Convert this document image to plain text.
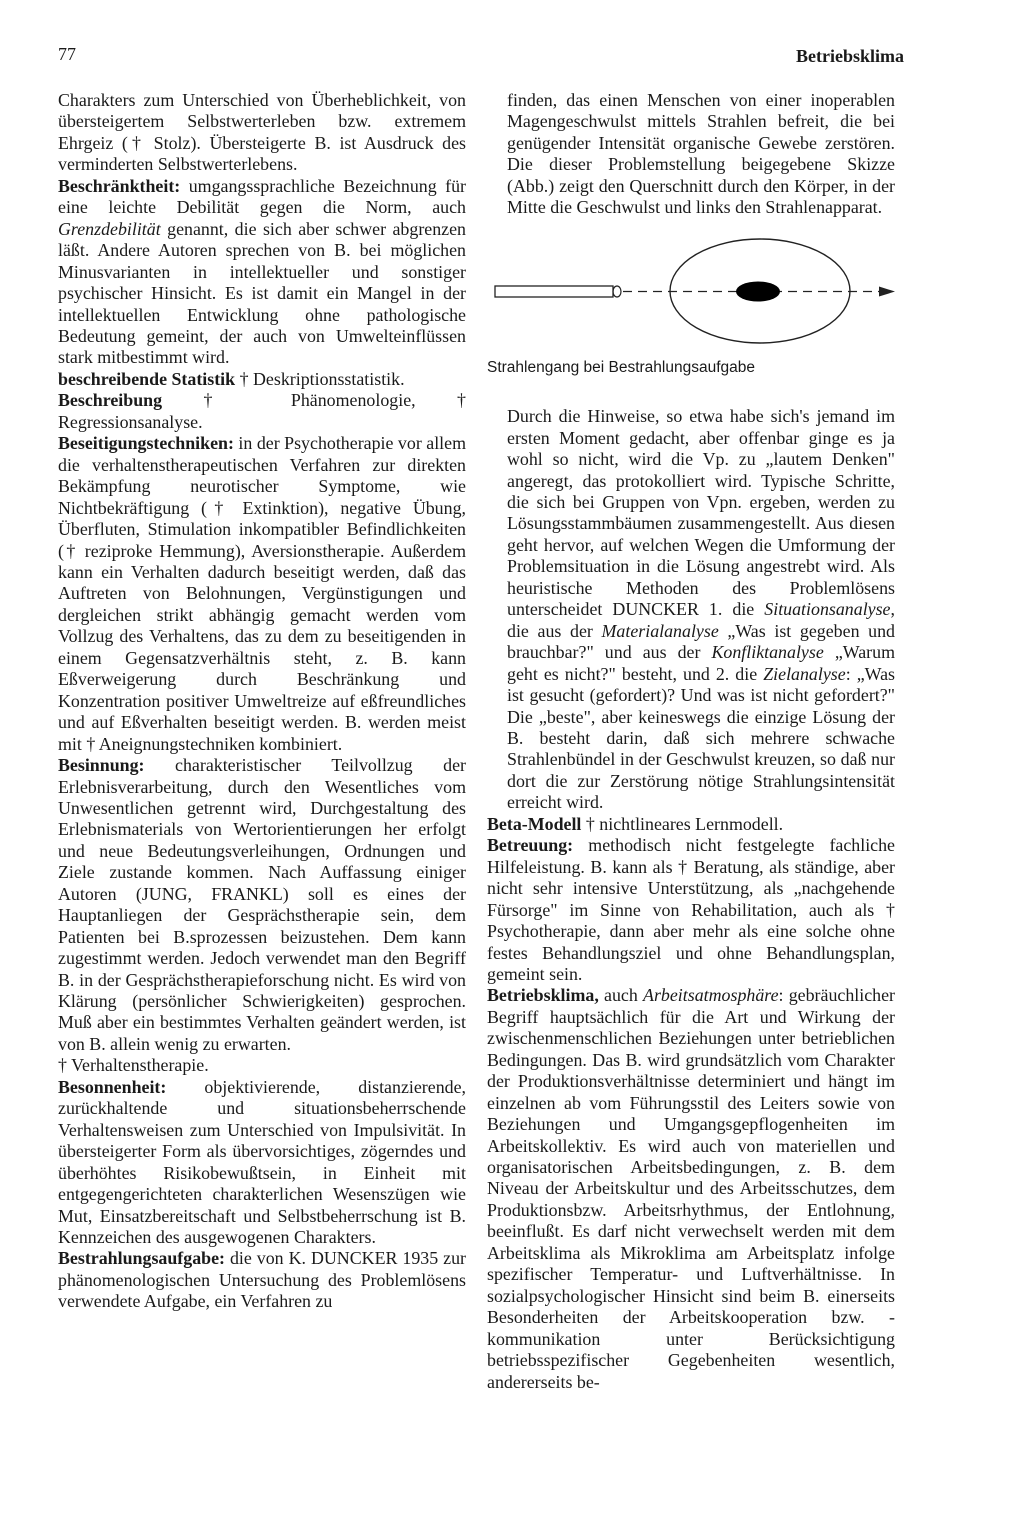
77	Betriebsklima

Charakters zum Unterschied von Überheblichkeit, von übersteigertem Selbstwerterleben bzw. extremem Ehrgeiz († Stolz). Übersteigerte B. ist Ausdruck des verminderten Selbstwerterlebens.

Beschränktheit: umgangssprachliche Bezeichnung für eine leichte Debilität gegen die Norm, auch Grenzdebilität genannt, die sich aber schwer abgrenzen läßt. Andere Autoren sprechen von B. bei möglichen Minusvarianten in intellektueller und sonstiger psychischer Hinsicht. Es ist damit ein Mangel in der intellektuellen Entwicklung ohne pathologische Bedeutung gemeint, der auch von Umwelteinflüssen stark mitbestimmt wird.

beschreibende Statistik † Deskriptionsstatistik.

Beschreibung † Phänomenologie, † Regressionsanalyse.

Beseitigungstechniken: in der Psychotherapie vor allem die verhaltenstherapeutischen Verfahren zur direkten Bekämpfung neurotischer Symptome, wie Nichtbekräftigung († Extinktion), negative Übung, Überfluten, Stimulation inkompatibler Befindlichkeiten († reziproke Hemmung), Aversionstherapie. Außerdem kann ein Verhalten dadurch beseitigt werden, daß das Auftreten von Belohnungen, Vergünstigungen und dergleichen strikt abhängig gemacht werden vom Vollzug des Verhaltens, das zu dem zu beseitigenden in einem Gegensatzverhältnis steht, z. B. kann Eßverweigerung durch Beschränkung und Konzentration positiver Umweltreize auf eßfreundliches und auf Eßverhalten beseitigt werden. B. werden meist mit † Aneignungstechniken kombiniert.

Besinnung: charakteristischer Teilvollzug der Erlebnisverarbeitung, durch den Wesentliches vom Unwesentlichen getrennt wird, Durchgestaltung des Erlebnismaterials von Wertorientierungen her erfolgt und neue Bedeutungsverleihungen, Ordnungen und Ziele zustande kommen. Nach Auffassung einiger Autoren (JUNG, FRANKL) soll es eines der Hauptanliegen der Gesprächstherapie sein, dem Patienten bei B.sprozessen beizustehen. Dem kann zugestimmt werden. Jedoch verwendet man den Begriff B. in der Gesprächstherapieforschung nicht. Es wird von Klärung (persönlicher Schwierigkeiten) gesprochen. Muß aber ein bestimmtes Verhalten geändert werden, ist von B. allein wenig zu erwarten.

† Verhaltenstherapie.

Besonnenheit: objektivierende, distanzierende, zurückhaltende und situationsbeherrschende Verhaltensweisen zum Unterschied von Impulsivität. In übersteigerter Form als übervorsichtiges, zögerndes und überhöhtes Risikobewußtsein, in Einheit mit entgegengerichteten charakterlichen Wesenszügen wie Mut, Einsatzbereitschaft und Selbstbeherrschung ist B. Kennzeichen des ausgewogenen Charakters.

Bestrahlungsaufgabe: die von K. DUNCKER 1935 zur phänomenologischen Untersuchung des Problemlösens verwendete Aufgabe, ein Verfahren zu

finden, das einen Menschen von einer inoperablen Magengeschwulst mittels Strahlen befreit, die bei genügender Intensität organische Gewebe zerstören. Die dieser Problemstellung beigegebene Skizze (Abb.) zeigt den Querschnitt durch den Körper, in der Mitte die Geschwulst und links den Strahlenapparat.

Strahlengang bei Bestrahlungsaufgabe

Durch die Hinweise, so etwa habe sich's jemand im ersten Moment gedacht, aber offenbar ginge es ja wohl so nicht, wird die Vp. zu „lautem Denken" angeregt, das protokolliert wird. Typische Schritte, die sich bei Gruppen von Vpn. ergeben, werden zu Lösungsstammbäumen zusammengestellt. Aus diesen geht hervor, auf welchen Wegen die Umformung der Problemsituation in die Lösung angestrebt wird. Als heuristische Methoden des Problemlösens unterscheidet DUNCKER 1. die Situationsanalyse, die aus der Materialanalyse „Was ist gegeben und brauchbar?" und aus der Konfliktanalyse „Warum geht es nicht?" besteht, und 2. die Zielanalyse: „Was ist gesucht (gefordert)? Und was ist nicht gefordert?" Die „beste", aber keineswegs die einzige Lösung der B. besteht darin, daß sich mehrere schwache Strahlenbündel in der Geschwulst kreuzen, so daß nur dort die zur Zerstörung nötige Strahlungsintensität erreicht wird.

Beta-Modell † nichtlineares Lernmodell.

Betreuung: methodisch nicht festgelegte fachliche Hilfeleistung. B. kann als † Beratung, als ständige, aber nicht sehr intensive Unterstützung, als „nachgehende Fürsorge" im Sinne von Rehabilitation, auch als † Psychotherapie, dann aber mehr als eine solche ohne festes Behandlungsziel und ohne Behandlungsplan, gemeint sein.

Betriebsklima, auch Arbeitsatmosphäre: gebräuchlicher Begriff hauptsächlich für die Art und Wirkung der zwischenmenschlichen Beziehungen unter betrieblichen Bedingungen. Das B. wird grundsätzlich vom Charakter der Produktionsverhältnisse determiniert und hängt im einzelnen ab vom Führungsstil des Leiters sowie von Beziehungen und Umgangsgepflogenheiten im Arbeitskollektiv. Es wird auch von materiellen und organisatorischen Arbeitsbedingungen, z. B. dem Niveau der Arbeitskultur und des Arbeitsschutzes, dem Produktionsbzw. Arbeitsrhythmus, der Entlohnung, beeinflußt. Es darf nicht verwechselt werden mit dem Arbeitsklima als Mikroklima am Arbeitsplatz infolge spezifischer Temperatur- und Luftverhältnisse. In sozialpsychologischer Hinsicht sind beim B. einerseits Besonderheiten der Arbeitskooperation bzw. -kommunikation unter Berücksichtigung betriebsspezifischer Gegebenheiten wesentlich, andererseits be-
